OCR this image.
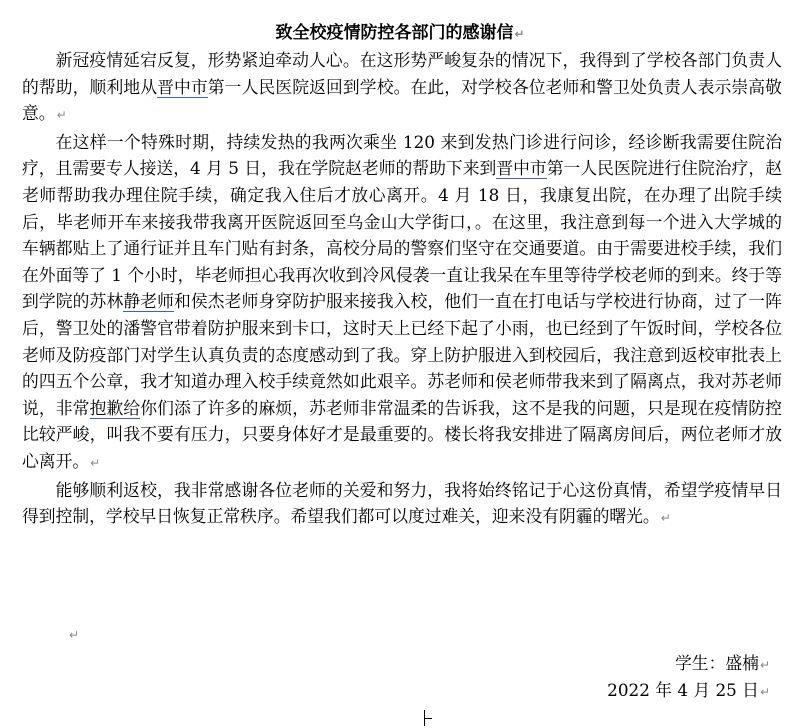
致全校疫情防控各部门的感谢信↵

新冠疫情延宕反复，形势紧迫牵动人心。在这形势严峻复杂的情况下，我得到了学校各部门负责人的帮助，顺利地从晋中市第一人民医院返回到学校。在此，对学校各位老师和警卫处负责人表示崇高敬意。↵

在这样一个特殊时期，持续发热的我两次乘坐 120 来到发热门诊进行问诊，经诊断我需要住院治疗，且需要专人接送，4 月 5 日，我在学院赵老师的帮助下来到晋中市第一人民医院进行住院治疗，赵老师帮助我办理住院手续，确定我入住后才放心离开。4 月 18 日，我康复出院，在办理了出院手续后，毕老师开车来接我带我离开医院返回至乌金山大学街口，。在这里，我注意到每一个进入大学城的车辆都贴上了通行证并且车门贴有封条，高校分局的警察们坚守在交通要道。由于需要进校手续，我们在外面等了 1 个小时，毕老师担心我再次收到冷风侵袭一直让我呆在车里等待学校老师的到来。终于等到学院的苏林静老师和侯杰老师身穿防护服来接我入校，他们一直在打电话与学校进行协商，过了一阵后，警卫处的潘警官带着防护服来到卡口，这时天上已经下起了小雨，也已经到了午饭时间，学校各位老师及防疫部门对学生认真负责的态度感动到了我。穿上防护服进入到校园后，我注意到返校审批表上的四五个公章，我才知道办理入校手续竟然如此艰辛。苏老师和侯老师带我来到了隔离点，我对苏老师说，非常抱歉给你们添了许多的麻烦，苏老师非常温柔的告诉我，这不是我的问题，只是现在疫情防控比较严峻，叫我不要有压力，只要身体好才是最重要的。楼长将我安排进了隔离房间后，两位老师才放心离开。↵

能够顺利返校，我非常感谢各位老师的关爱和努力，我将始终铭记于心这份真情，希望学疫情早日得到控制，学校早日恢复正常秩序。希望我们都可以度过难关，迎来没有阴霾的曙光。↵

↵
学生：盛楠↵
2022 年 4 月 25 日↵
